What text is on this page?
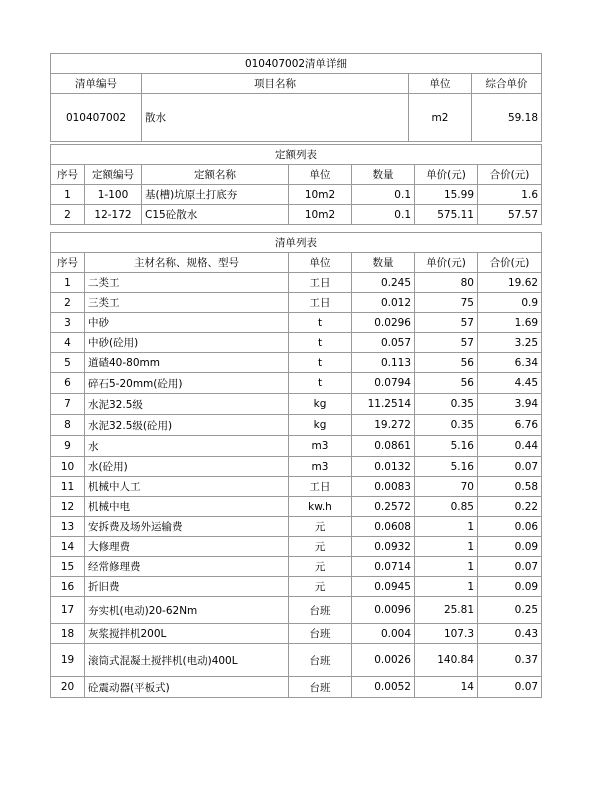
010407002清单详细			
清单编号	项目名称	单位	综合单价
010407002	散水	m2	59.18
定额列表						
序号	定额编号	定额名称	单位	数量	单价(元)	合价(元)
1	1-100	基(槽)坑原土打底夯	10m2	0.1	15.99	1.6
2	12-172	C15砼散水	10m2	0.1	575.11	57.57
清单列表					
序号	主材名称、规格、型号	单位	数量	单价(元)	合价(元)
1	二类工	工日	0.245	80	19.62
2	三类工	工日	0.012	75	0.9
3	中砂	t	0.0296	57	1.69
4	中砂(砼用)	t	0.057	57	3.25
5	道碴40-80mm	t	0.113	56	6.34
6	碎石5-20mm(砼用)	t	0.0794	56	4.45
7	水泥32.5级	kg	11.2514	0.35	3.94
8	水泥32.5级(砼用)	kg	19.272	0.35	6.76
9	水	m3	0.0861	5.16	0.44
10	水(砼用)	m3	0.0132	5.16	0.07
11	机械中人工	工日	0.0083	70	0.58
12	机械中电	kw.h	0.2572	0.85	0.22
13	安拆费及场外运输费	元	0.0608	1	0.06
14	大修理费	元	0.0932	1	0.09
15	经常修理费	元	0.0714	1	0.07
16	折旧费	元	0.0945	1	0.09
17	夯实机(电动)20-62Nm	台班	0.0096	25.81	0.25
18	灰浆搅拌机200L	台班	0.004	107.3	0.43
19	滚筒式混凝土搅拌机(电动)400L	台班	0.0026	140.84	0.37
20	砼震动器(平板式)	台班	0.0052	14	0.07
